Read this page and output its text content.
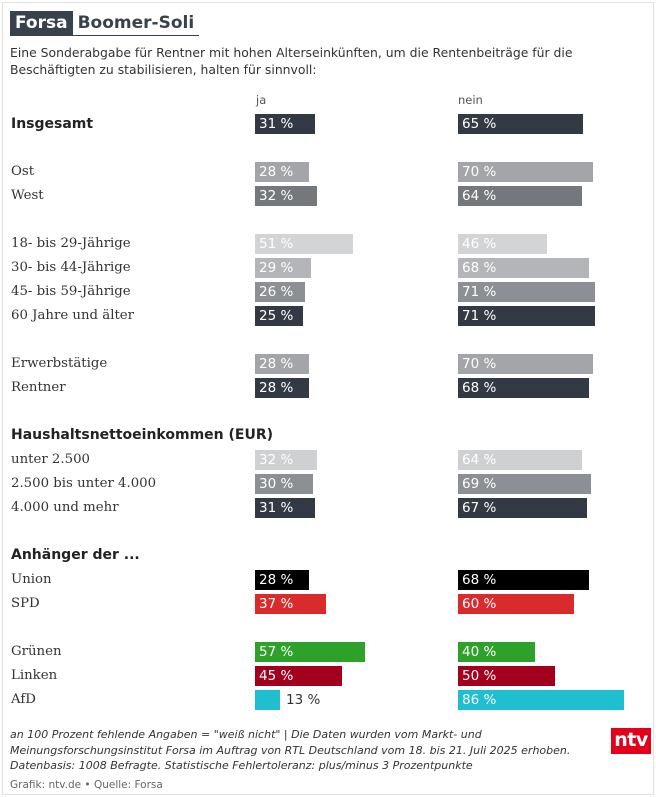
Forsa Boomer-Soli
Eine Sonderabgabe für Rentner mit hohen Alterseinkünften, um die Rentenbeiträge für die Beschäftigten zu stabilisieren, halten für sinnvoll:
ja	nein
Haushaltsnettoeinkommen (EUR)
Anhänger der ...
Insgesamt	31 %	65 %
Ost	28 %	70 %
West	32 %	64 %
18- bis 29-Jährige	51 %	46 %
30- bis 44-Jährige	29 %	68 %
45- bis 59-Jährige	26 %	71 %
60 Jahre und älter	25 %	71 %
Erwerbstätige	28 %	70 %
Rentner	28 %	68 %
unter 2.500	32 %	64 %
2.500 bis unter 4.000	30 %	69 %
4.000 und mehr	31 %	67 %
Union	28 %	68 %
SPD	37 %	60 %
Grünen	57 %	40 %
Linken	45 %	50 %
AfD	13 %	86 %
an 100 Prozent fehlende Angaben = "weiß nicht" | Die Daten wurden vom Markt- und Meinungsforschungsinstitut Forsa im Auftrag von RTL Deutschland vom 18. bis 21. Juli 2025 erhoben. Datenbasis: 1008 Befragte. Statistische Fehlertoleranz: plus/minus 3 Prozentpunkte
Grafik: ntv.de • Quelle: Forsa
ntv
